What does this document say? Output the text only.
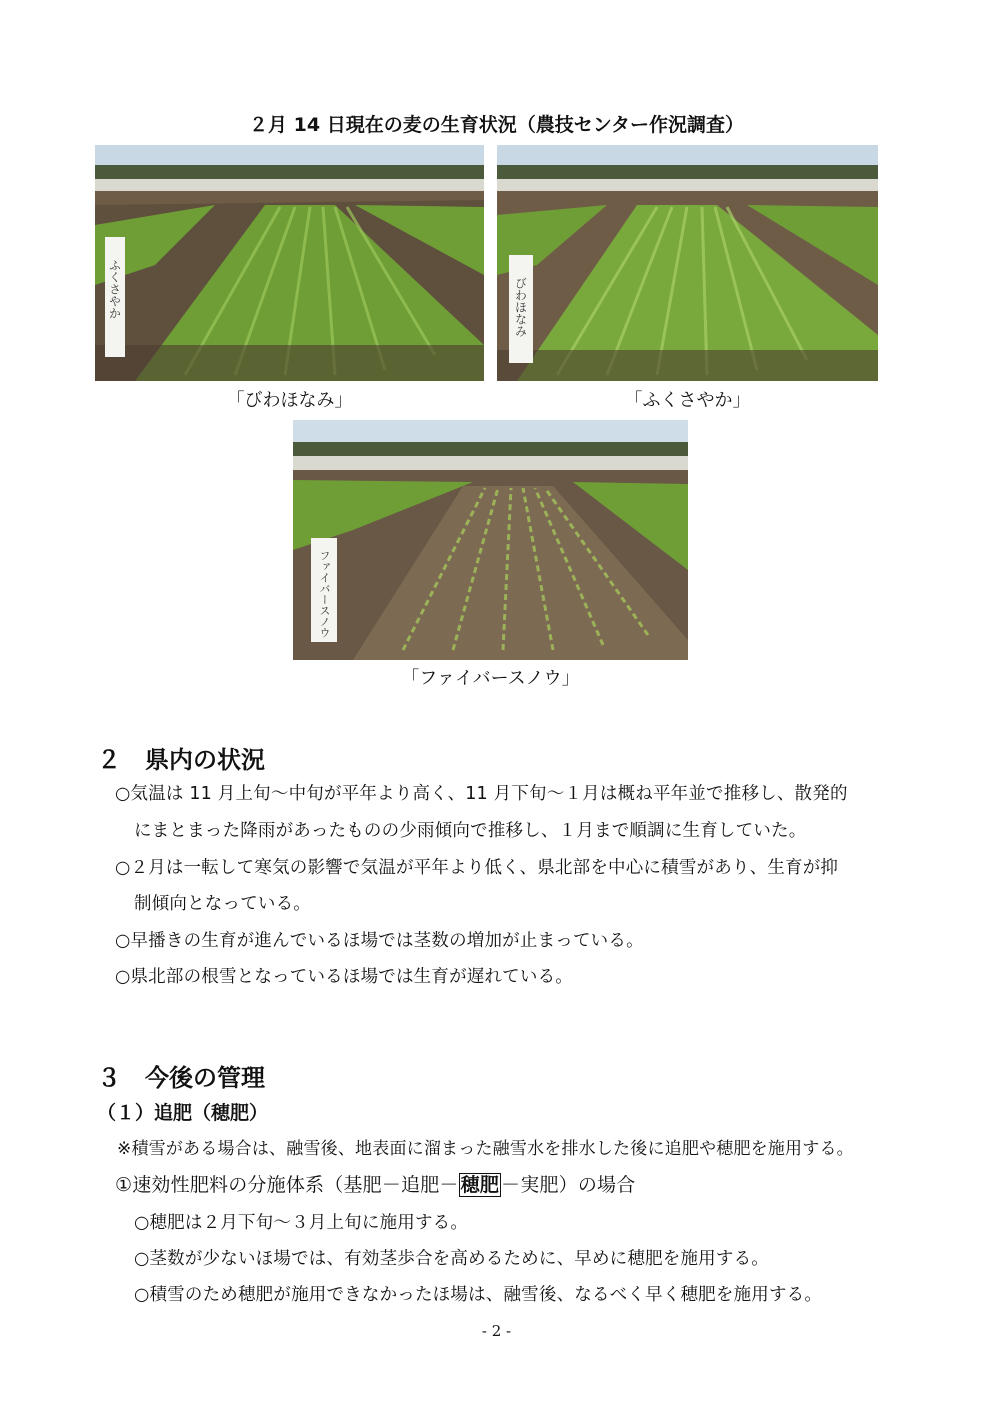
２月 14 日現在の麦の生育状況（農技センター作況調査）
ふくさやか
「びわほなみ」
びわほなみ
「ふくさやか」
ファイバースノウ
「ファイバースノウ」
２　県内の状況
○気温は 11 月上旬～中旬が平年より高く、11 月下旬～１月は概ね平年並で推移し、散発的
にまとまった降雨があったものの少雨傾向で推移し、１月まで順調に生育していた。
○２月は一転して寒気の影響で気温が平年より低く、県北部を中心に積雪があり、生育が抑
制傾向となっている。
○早播きの生育が進んでいるほ場では茎数の増加が止まっている。
○県北部の根雪となっているほ場では生育が遅れている。
３　今後の管理
（１）追肥（穂肥）
※積雪がある場合は、融雪後、地表面に溜まった融雪水を排水した後に追肥や穂肥を施用する。
①速効性肥料の分施体系（基肥－追肥－ 穂肥 －実肥）の場合
○穂肥は２月下旬～３月上旬に施用する。
○茎数が少ないほ場では、有効茎歩合を高めるために、早めに穂肥を施用する。
○積雪のため穂肥が施用できなかったほ場は、融雪後、なるべく早く穂肥を施用する。
- 2 -
